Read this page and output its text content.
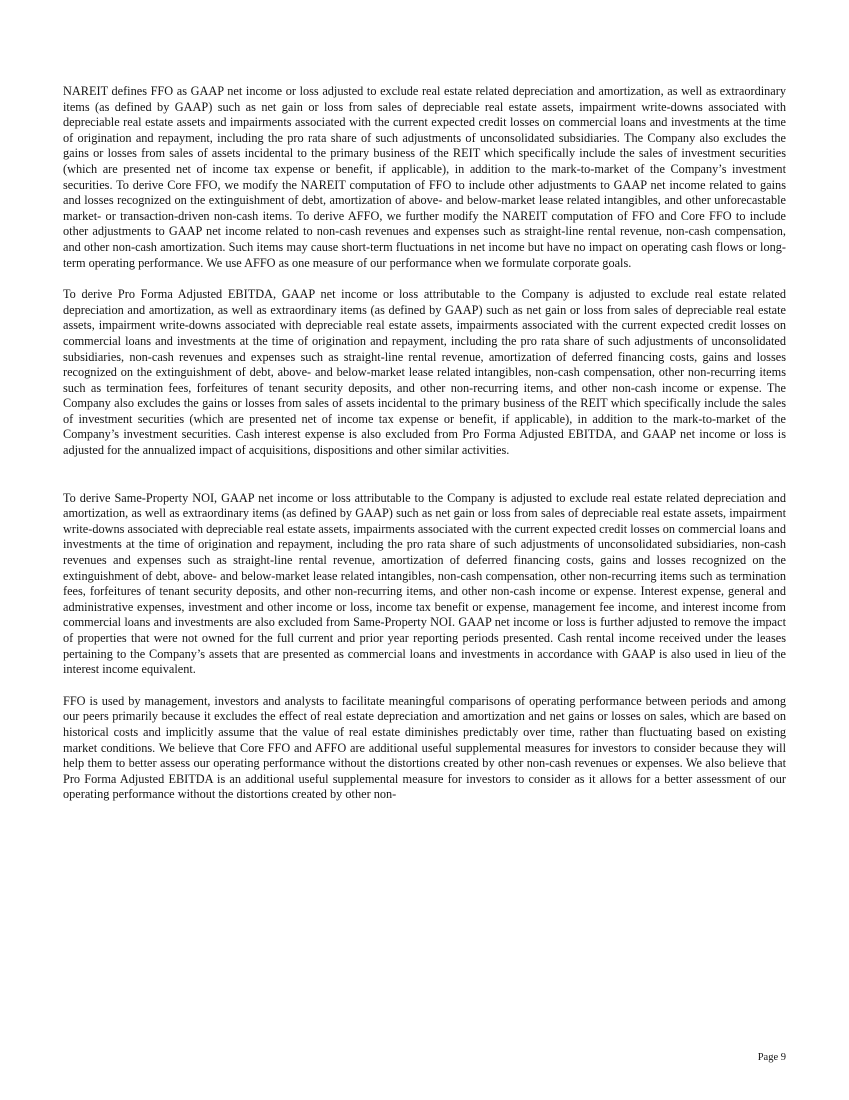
NAREIT defines FFO as GAAP net income or loss adjusted to exclude real estate related depreciation and amortization, as well as extraordinary items (as defined by GAAP) such as net gain or loss from sales of depreciable real estate assets, impairment write-downs associated with depreciable real estate assets and impairments associated with the current expected credit losses on commercial loans and investments at the time of origination and repayment, including the pro rata share of such adjustments of unconsolidated subsidiaries. The Company also excludes the gains or losses from sales of assets incidental to the primary business of the REIT which specifically include the sales of investment securities (which are presented net of income tax expense or benefit, if applicable), in addition to the mark-to-market of the Company’s investment securities. To derive Core FFO, we modify the NAREIT computation of FFO to include other adjustments to GAAP net income related to gains and losses recognized on the extinguishment of debt, amortization of above- and below-market lease related intangibles, and other unforecastable market- or transaction-driven non-cash items. To derive AFFO, we further modify the NAREIT computation of FFO and Core FFO to include other adjustments to GAAP net income related to non-cash revenues and expenses such as straight-line rental revenue, non-cash compensation, and other non-cash amortization. Such items may cause short-term fluctuations in net income but have no impact on operating cash flows or long-term operating performance. We use AFFO as one measure of our performance when we formulate corporate goals.

To derive Pro Forma Adjusted EBITDA, GAAP net income or loss attributable to the Company is adjusted to exclude real estate related depreciation and amortization, as well as extraordinary items (as defined by GAAP) such as net gain or loss from sales of depreciable real estate assets, impairment write-downs associated with depreciable real estate assets, impairments associated with the current expected credit losses on commercial loans and investments at the time of origination and repayment, including the pro rata share of such adjustments of unconsolidated subsidiaries, non-cash revenues and expenses such as straight-line rental revenue, amortization of deferred financing costs, gains and losses recognized on the extinguishment of debt, above- and below-market lease related intangibles, non-cash compensation, other non-recurring items such as termination fees, forfeitures of tenant security deposits, and other non-recurring items, and other non-cash income or expense. The Company also excludes the gains or losses from sales of assets incidental to the primary business of the REIT which specifically include the sales of investment securities (which are presented net of income tax expense or benefit, if applicable), in addition to the mark-to-market of the Company’s investment securities. Cash interest expense is also excluded from Pro Forma Adjusted EBITDA, and GAAP net income or loss is adjusted for the annualized impact of acquisitions, dispositions and other similar activities.

To derive Same-Property NOI, GAAP net income or loss attributable to the Company is adjusted to exclude real estate related depreciation and amortization, as well as extraordinary items (as defined by GAAP) such as net gain or loss from sales of depreciable real estate assets, impairment write-downs associated with depreciable real estate assets, impairments associated with the current expected credit losses on commercial loans and investments at the time of origination and repayment, including the pro rata share of such adjustments of unconsolidated subsidiaries, non-cash revenues and expenses such as straight-line rental revenue, amortization of deferred financing costs, gains and losses recognized on the extinguishment of debt, above- and below-market lease related intangibles, non-cash compensation, other non-recurring items such as termination fees, forfeitures of tenant security deposits, and other non-recurring items, and other non-cash income or expense. Interest expense, general and administrative expenses, investment and other income or loss, income tax benefit or expense, management fee income, and interest income from commercial loans and investments are also excluded from Same-Property NOI. GAAP net income or loss is further adjusted to remove the impact of properties that were not owned for the full current and prior year reporting periods presented. Cash rental income received under the leases pertaining to the Company’s assets that are presented as commercial loans and investments in accordance with GAAP is also used in lieu of the interest income equivalent.

FFO is used by management, investors and analysts to facilitate meaningful comparisons of operating performance between periods and among our peers primarily because it excludes the effect of real estate depreciation and amortization and net gains or losses on sales, which are based on historical costs and implicitly assume that the value of real estate diminishes predictably over time, rather than fluctuating based on existing market conditions. We believe that Core FFO and AFFO are additional useful supplemental measures for investors to consider because they will help them to better assess our operating performance without the distortions created by other non-cash revenues or expenses. We also believe that Pro Forma Adjusted EBITDA is an additional useful supplemental measure for investors to consider as it allows for a better assessment of our operating performance without the distortions created by other non-

Page 9
